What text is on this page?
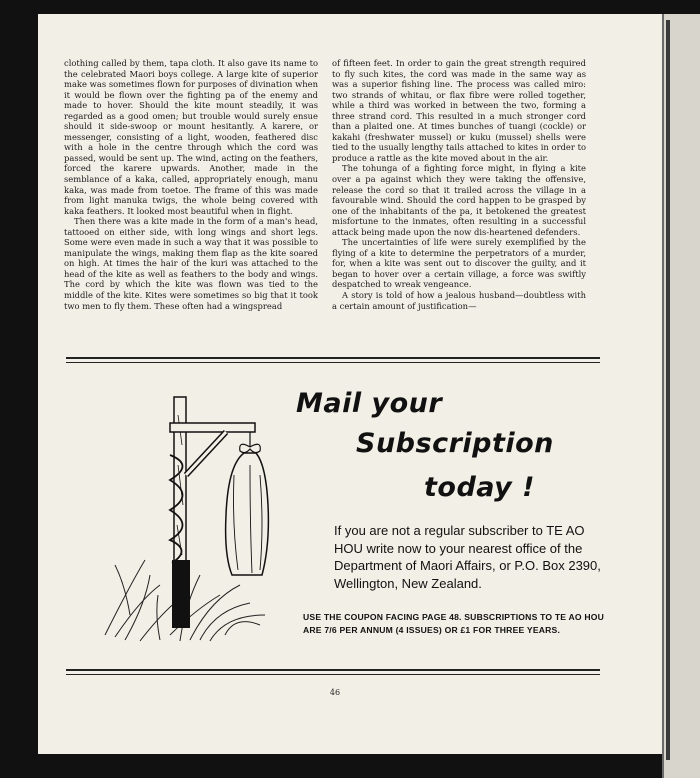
clothing called by them, tapa cloth. It also gave its name to the celebrated Maori boys college. A large kite of superior make was sometimes flown for purposes of divination when it would be flown over the fighting pa of the enemy and made to hover. Should the kite mount steadily, it was regarded as a good omen; but trouble would surely ensue should it side-swoop or mount hesitantly. A karere, or messenger, consisting of a light, wooden, feathered disc with a hole in the centre through which the cord was passed, would be sent up. The wind, acting on the feathers, forced the karere upwards. Another, made in the semblance of a kaka, called, appropriately enough, manu kaka, was made from toetoe. The frame of this was made from light manuka twigs, the whole being covered with kaka feathers. It looked most beautiful when in flight.

Then there was a kite made in the form of a man's head, tattooed on either side, with long wings and short legs. Some were even made in such a way that it was possible to manipulate the wings, making them flap as the kite soared on high. At times the hair of the kuri was attached to the head of the kite as well as feathers to the body and wings. The cord by which the kite was flown was tied to the middle of the kite. Kites were sometimes so big that it took two men to fly them. These often had a wingspread

of fifteen feet. In order to gain the great strength required to fly such kites, the cord was made in the same way as was a superior fishing line. The process was called miro: two strands of whitau, or flax fibre were rolled together, while a third was worked in between the two, forming a three strand cord. This resulted in a much stronger cord than a plaited one. At times bunches of tuangi (cockle) or kakahi (freshwater mussel) or kuku (mussel) shells were tied to the usually lengthy tails attached to kites in order to produce a rattle as the kite moved about in the air.

The tohunga of a fighting force might, in flying a kite over a pa against which they were taking the offensive, release the cord so that it trailed across the village in a favourable wind. Should the cord happen to be grasped by one of the inhabitants of the pa, it betokened the greatest misfortune to the inmates, often resulting in a successful attack being made upon the now dis-heartened defenders.

The uncertainties of life were surely exemplified by the flying of a kite to determine the perpetrators of a murder, for, when a kite was sent out to discover the guilty, and it began to hover over a certain village, a force was swiftly despatched to wreak vengeance.

A story is told of how a jealous husband—doubtless with a certain amount of justification—

Mail your
Subscription
today !
If you are not a regular subscriber to TE AO HOU write now to your nearest office of the Department of Maori Affairs, or P.O. Box 2390, Wellington, New Zealand.
USE THE COUPON FACING PAGE 48. SUBSCRIPTIONS TO TE AO HOU ARE 7/6 PER ANNUM (4 ISSUES) OR £1 FOR THREE YEARS.
46
